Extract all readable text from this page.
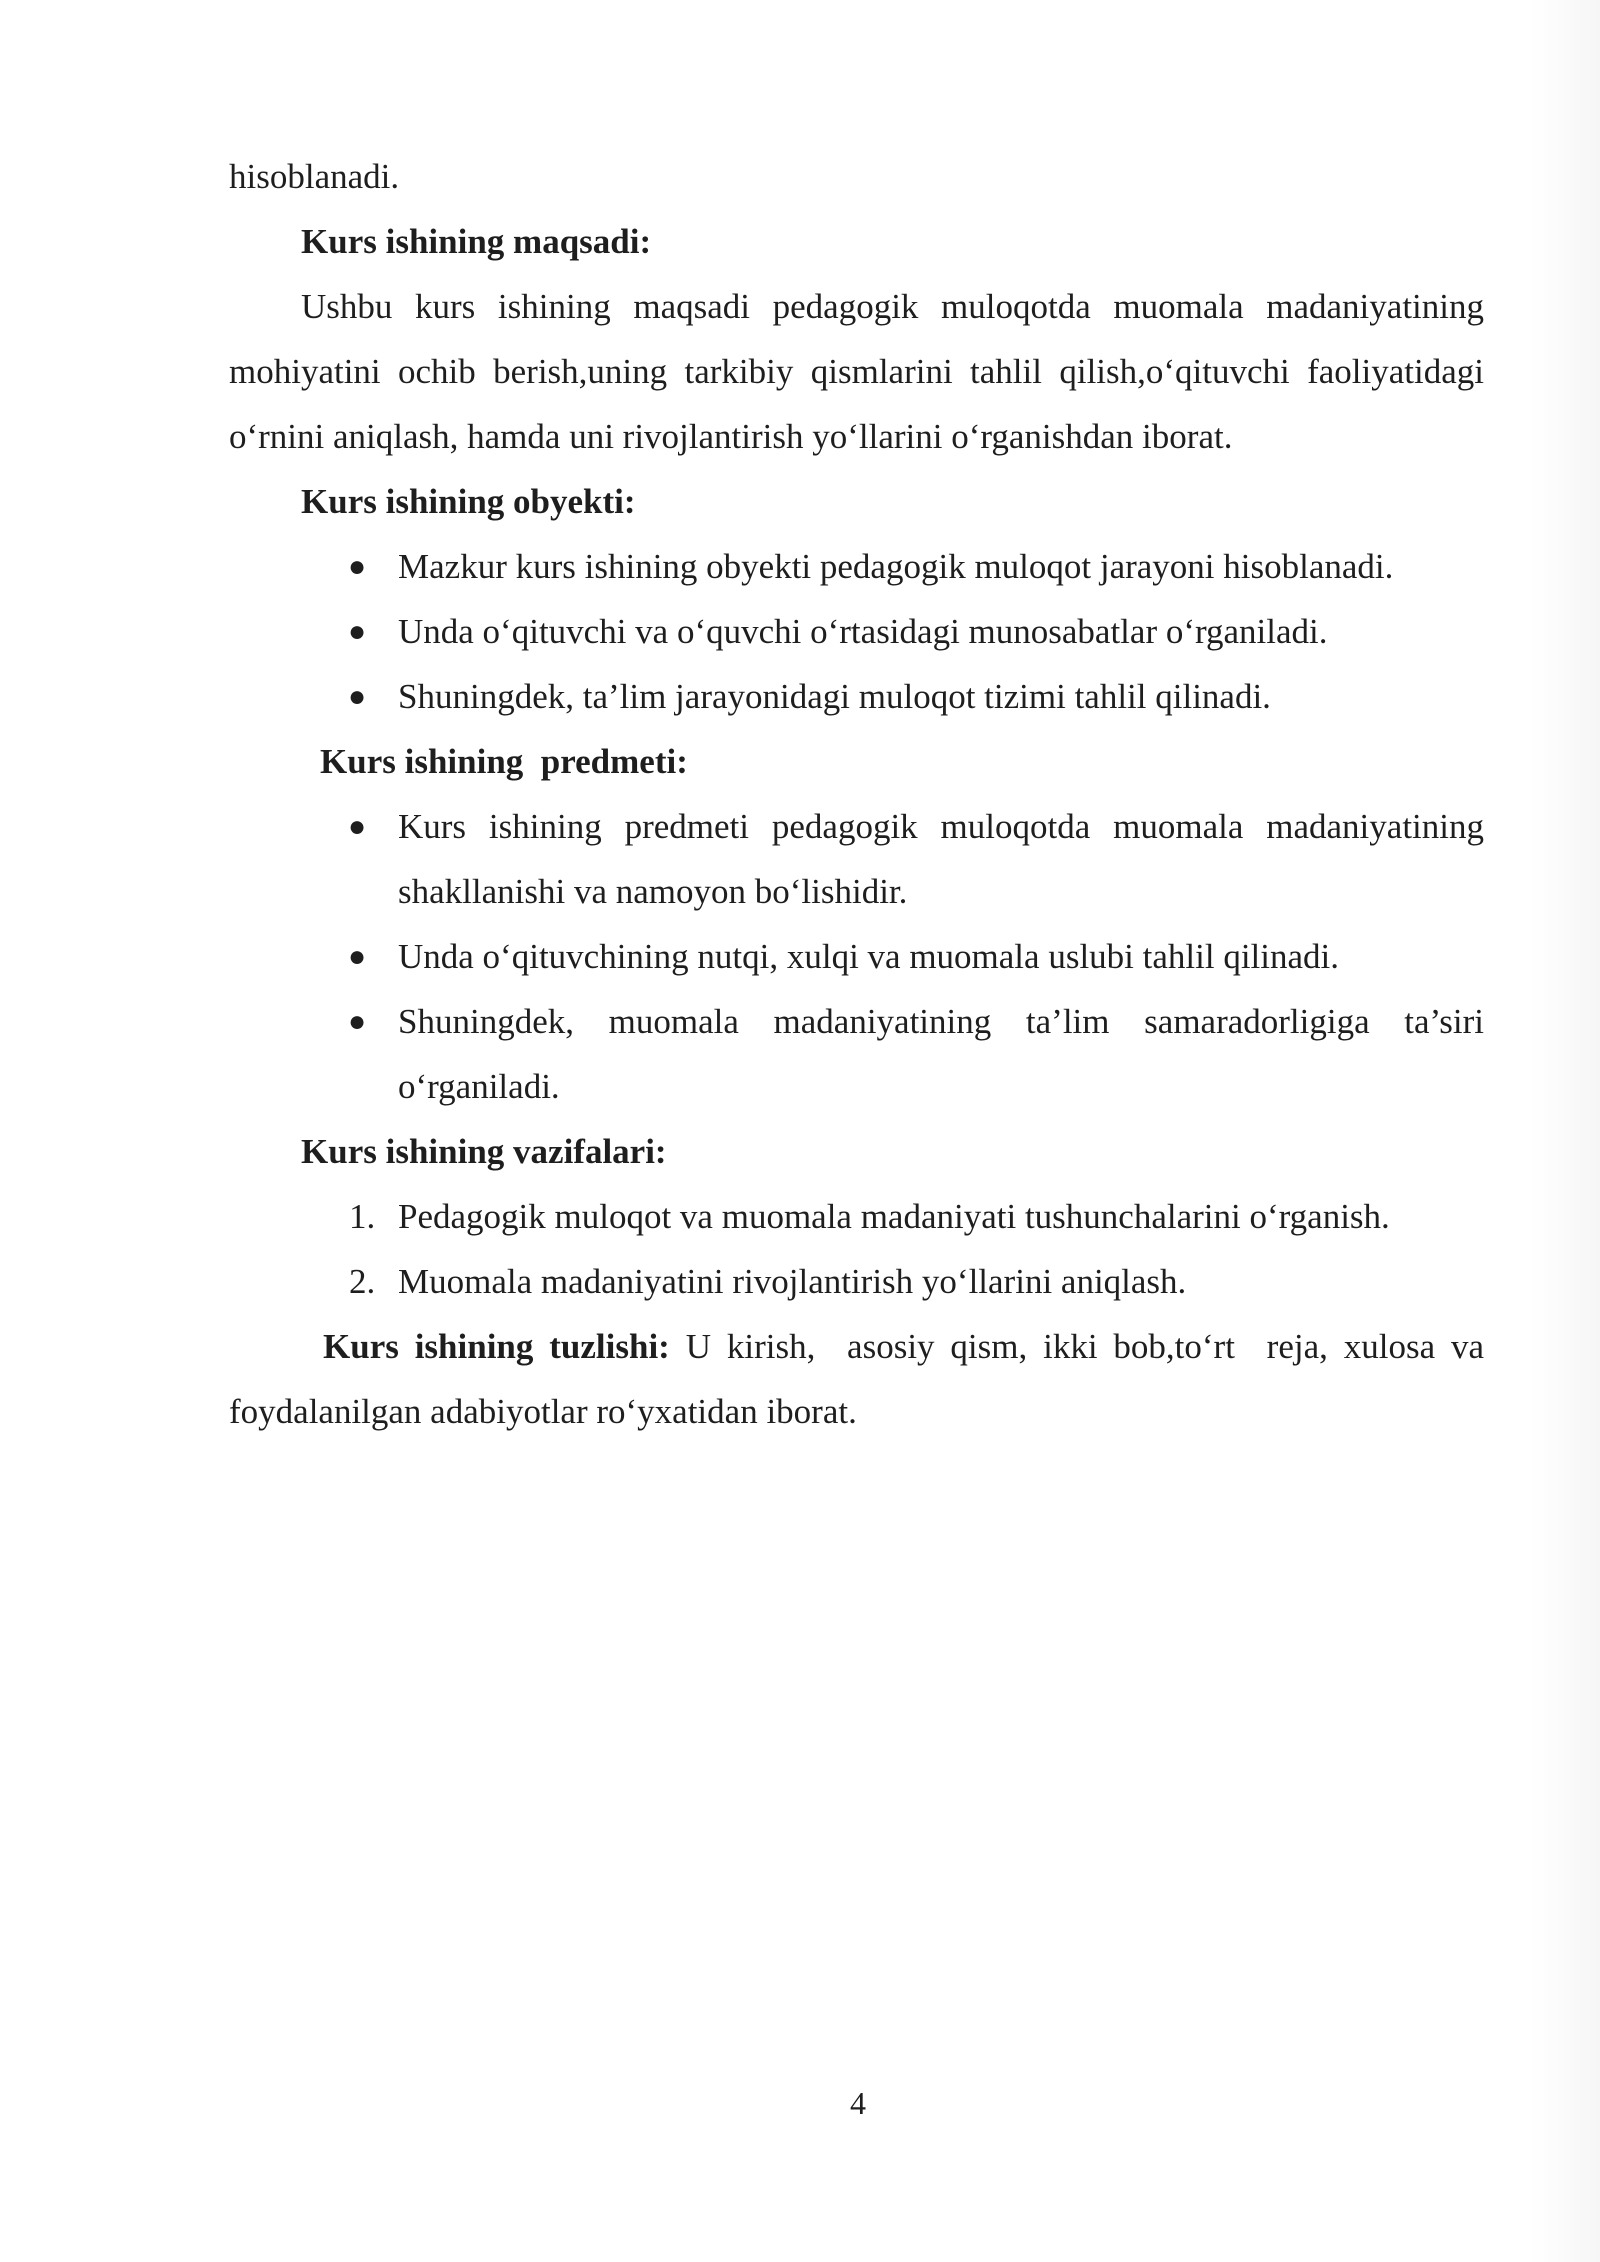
hisoblanadi.

Kurs ishining maqsadi:

Ushbu kurs ishining maqsadi pedagogik muloqotda muomala madaniyatining mohiyatini ochib berish,uning tarkibiy qismlarini tahlil qilish,o‘qituvchi faoliyatidagi o‘rnini aniqlash, hamda uni rivojlantirish yo‘llarini o‘rganishdan iborat.

Kurs ishining obyekti:

● Mazkur kurs ishining obyekti pedagogik muloqot jarayoni hisoblanadi.
● Unda o‘qituvchi va o‘quvchi o‘rtasidagi munosabatlar o‘rganiladi.
● Shuningdek, ta’lim jarayonidagi muloqot tizimi tahlil qilinadi.

Kurs ishining  predmeti:

● Kurs ishining predmeti pedagogik muloqotda muomala madaniyatining shakllanishi va namoyon bo‘lishidir.
● Unda o‘qituvchining nutqi, xulqi va muomala uslubi tahlil qilinadi.
● Shuningdek, muomala madaniyatining ta’lim samaradorligiga ta’siri o‘rganiladi.

Kurs ishining vazifalari:

1. Pedagogik muloqot va muomala madaniyati tushunchalarini o‘rganish.
2. Muomala madaniyatini rivojlantirish yo‘llarini aniqlash.

Kurs ishining tuzlishi: U kirish,  asosiy qism, ikki bob,to‘rt  reja, xulosa va foydalanilgan adabiyotlar ro‘yxatidan iborat.

4
